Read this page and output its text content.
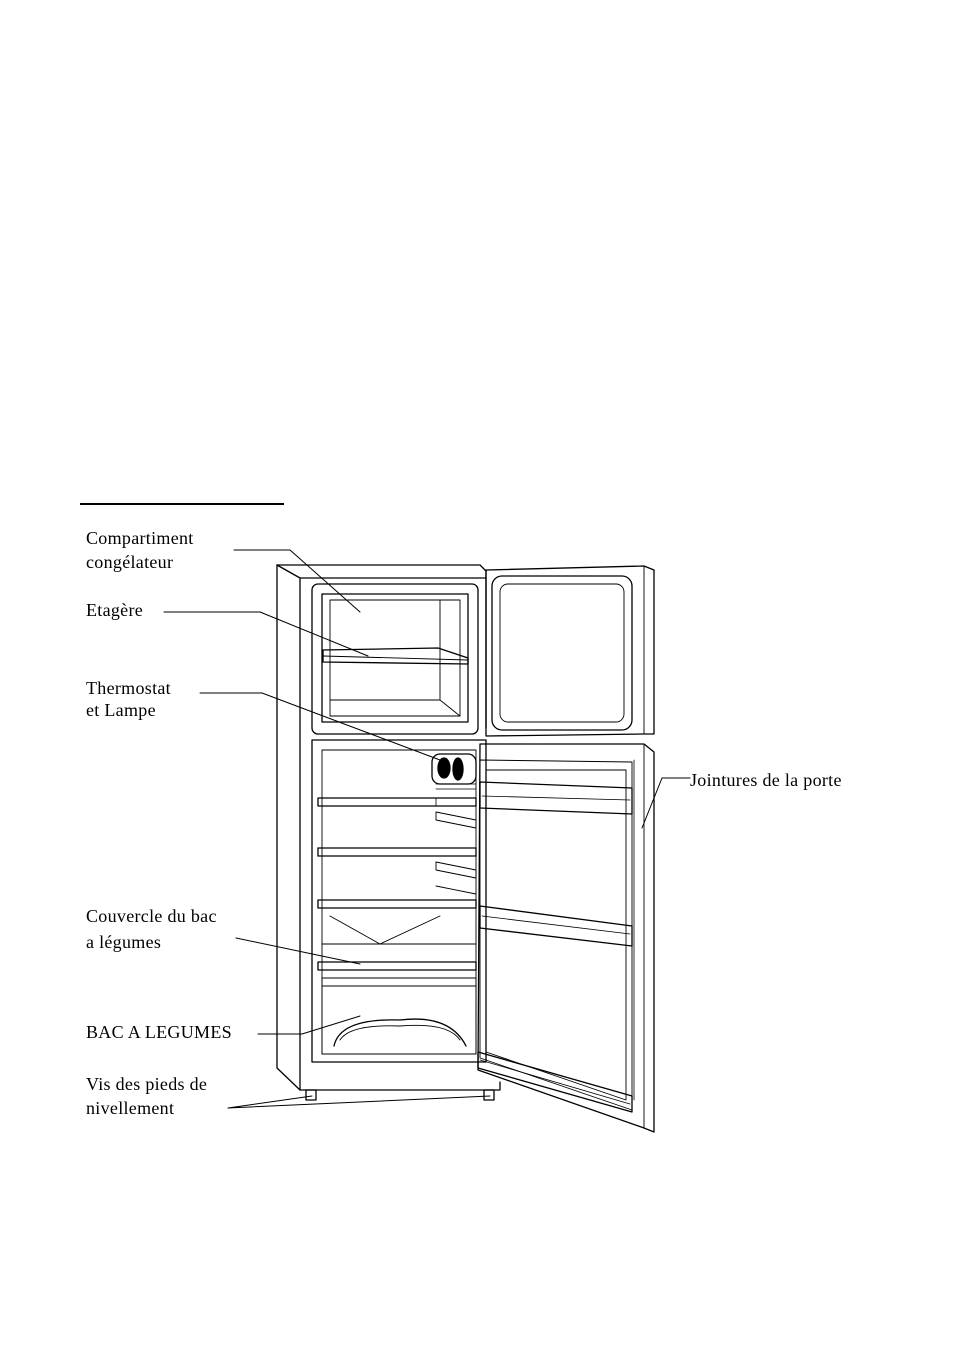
Compartiment
congélateur
Etagère
Thermostat
et Lampe
Jointures de la porte
Couvercle du bac
a légumes
BAC A LEGUMES
Vis des pieds de
nivellement
